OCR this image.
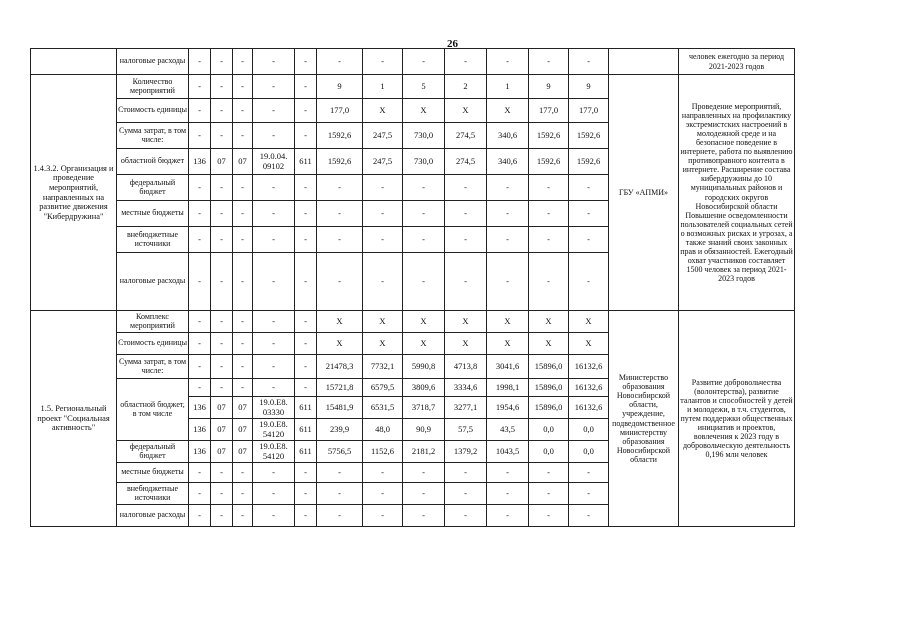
26
	налоговые расходы	-	-	-	-	-	-	-	-	-	-	-	-		человек ежегодно за период 2021-2023 годов
1.4.3.2. Организация и проведение мероприятий, направленных на развитие движения "Кибердружина"	Количество мероприятий	-	-	-	-	-	9	1	5	2	1	9	9	ГБУ «АПМИ»	Проведение мероприятий, направленных на профилактику экстремистских настроений в молодежной среде и на безопасное поведение в интернете, работа по выявлению противоправного контента в интернете. Расширение состава кибердружины до 10 муниципальных районов и городских округов Новосибирской области Повышение осведомленности пользователей социальных сетей о возможных рисках и угрозах, а также знаний своих законных прав и обязанностей. Ежегодный охват участников составляет 1500 человек за период 2021-2023 годов
	Стоимость единицы	-	-	-	-	-	177,0	X	X	X	X	177,0	177,0		
	Сумма затрат, в том числе:	-	-	-	-	-	1592,6	247,5	730,0	274,5	340,6	1592,6	1592,6		
	областной бюджет	136	07	07	19.0.04. 09102	611	1592,6	247,5	730,0	274,5	340,6	1592,6	1592,6		
	федеральный бюджет	-	-	-	-	-	-	-	-	-	-	-	-		
	местные бюджеты	-	-	-	-	-	-	-	-	-	-	-	-		
	внебюджетные источники	-	-	-	-	-	-	-	-	-	-	-	-		
	налоговые расходы	-	-	-	-	-	-	-	-	-	-	-	-		
1.5. Региональный проект "Социальная активность"	Комплекс мероприятий	-	-	-	-	-	X	X	X	X	X	X	X	Министерство образования Новосибирской области, учреждение, подведомственное министерству образования Новосибирской области	Развитие добровольчества (волонтерства), развитие талантов и способностей у детей и молодежи, в т.ч. студентов, путем поддержки общественных инициатив и проектов, вовлечения к 2023 году в добровольческую деятельность 0,196 млн человек
	Стоимость единицы	-	-	-	-	-	X	X	X	X	X	X	X		
	Сумма затрат, в том числе:	-	-	-	-	-	21478,3	7732,1	5990,8	4713,8	3041,6	15896,0	16132,6		
	областной бюджет, в том числе	-	-	-	-	-	15721,8	6579,5	3809,6	3334,6	1998,1	15896,0	16132,6		
		136	07	07	19.0.E8. 03330	611	15481,9	6531,5	3718,7	3277,1	1954,6	15896,0	16132,6		
		136	07	07	19.0.E8. 54120	611	239,9	48,0	90,9	57,5	43,5	0,0	0,0		
	федеральный бюджет	136	07	07	19.0.E8. 54120	611	5756,5	1152,6	2181,2	1379,2	1043,5	0,0	0,0		
	местные бюджеты	-	-	-	-	-	-	-	-	-	-	-	-		
	внебюджетные источники	-	-	-	-	-	-	-	-	-	-	-	-		
	налоговые расходы	-	-	-	-	-	-	-	-	-	-	-	-		
